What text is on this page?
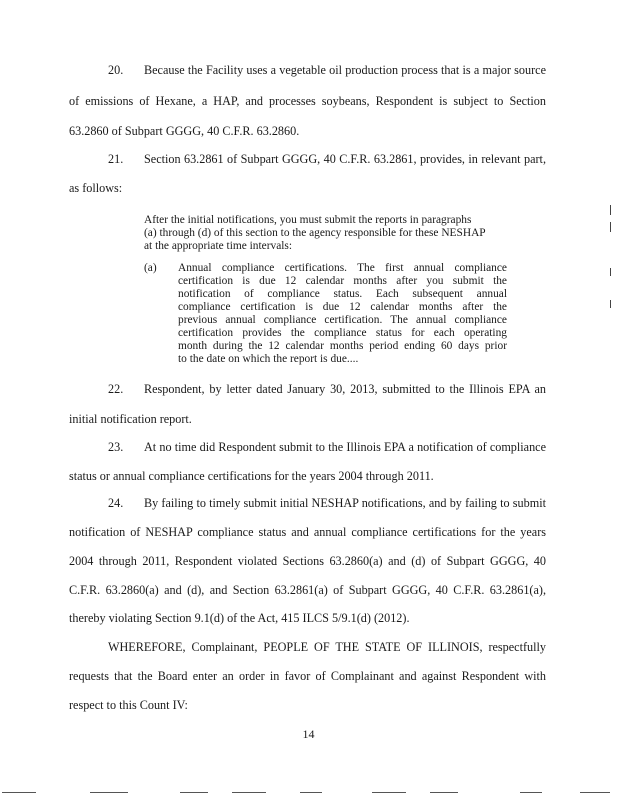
20. Because the Facility uses a vegetable oil production process that is a major source
of emissions of Hexane, a HAP, and processes soybeans, Respondent is subject to Section
63.2860 of Subpart GGGG, 40 C.F.R. 63.2860.
21. Section 63.2861 of Subpart GGGG, 40 C.F.R. 63.2861, provides, in relevant part,
as follows:
After the initial notifications, you must submit the reports in paragraphs
(a) through (d) of this section to the agency responsible for these NESHAP
at the appropriate time intervals:
(a) Annual compliance certifications. The first annual compliance
certification is due 12 calendar months after you submit the
notification of compliance status. Each subsequent annual
compliance certification is due 12 calendar months after the
previous annual compliance certification. The annual compliance
certification provides the compliance status for each operating
month during the 12 calendar months period ending 60 days prior
to the date on which the report is due....
22. Respondent, by letter dated January 30, 2013, submitted to the Illinois EPA an
initial notification report.
23. At no time did Respondent submit to the Illinois EPA a notification of compliance
status or annual compliance certifications for the years 2004 through 2011.
24. By failing to timely submit initial NESHAP notifications, and by failing to submit
notification of NESHAP compliance status and annual compliance certifications for the years
2004 through 2011, Respondent violated Sections 63.2860(a) and (d) of Subpart GGGG, 40
C.F.R. 63.2860(a) and (d), and Section 63.2861(a) of Subpart GGGG, 40 C.F.R. 63.2861(a),
thereby violating Section 9.1(d) of the Act, 415 ILCS 5/9.1(d) (2012).
WHEREFORE, Complainant, PEOPLE OF THE STATE OF ILLINOIS, respectfully
requests that the Board enter an order in favor of Complainant and against Respondent with
respect to this Count IV:
14
